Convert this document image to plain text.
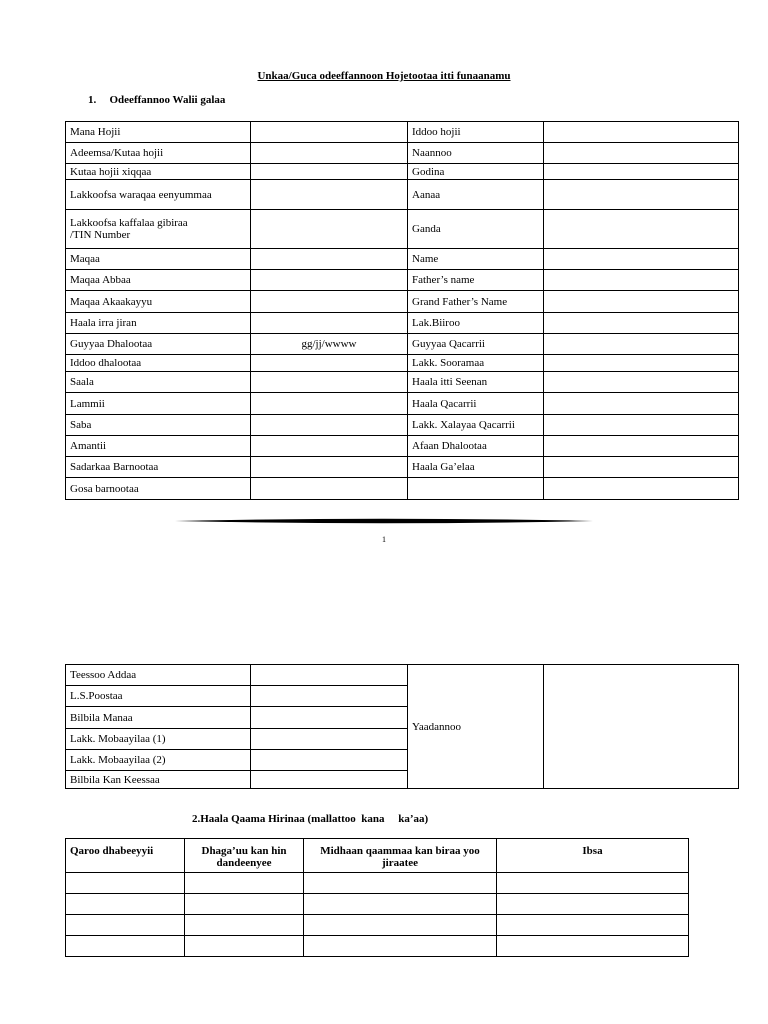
Unkaa/Guca odeeffannoon Hojetootaa itti funaanamu
1. Odeeffannoo Walii galaa
Mana Hojii		Iddoo hojii	
Adeemsa/Kutaa hojii		Naannoo	
Kutaa hojii xiqqaa		Godina	
Lakkoofsa waraqaa eenyummaa		Aanaa	

Lakkoofsa kaffalaa gibiraa
/TIN Number		Ganda	
Maqaa		Name	
Maqaa Abbaa		Father’s name	
Maqaa Akaakayyu		Grand Father’s Name	
Haala irra jiran		Lak.Biiroo	
Guyyaa Dhalootaa	gg/jj/wwww	Guyyaa Qacarrii	
Iddoo dhalootaa		Lakk. Sooramaa	
Saala		Haala itti Seenan	
Lammii		Haala Qacarrii	
Saba		Lakk. Xalayaa Qacarrii	
Amantii		Afaan Dhalootaa	
Sadarkaa Barnootaa		Haala Ga’elaa	
Gosa barnootaa			
1
Teessoo Addaa		Yaadannoo	
L.S.Poostaa			
Bilbila Manaa			
Lakk. Mobaayilaa (1)			
Lakk. Mobaayilaa (2)			
Bilbila Kan Keessaa			
2.Haala Qaama Hirinaa (mallattoo  kana     ka’aa)
Qaroo dhabeeyyii	Dhaga’uu kan hin dandeenyee	Midhaan qaammaa kan biraa yoo jiraatee	Ibsa
